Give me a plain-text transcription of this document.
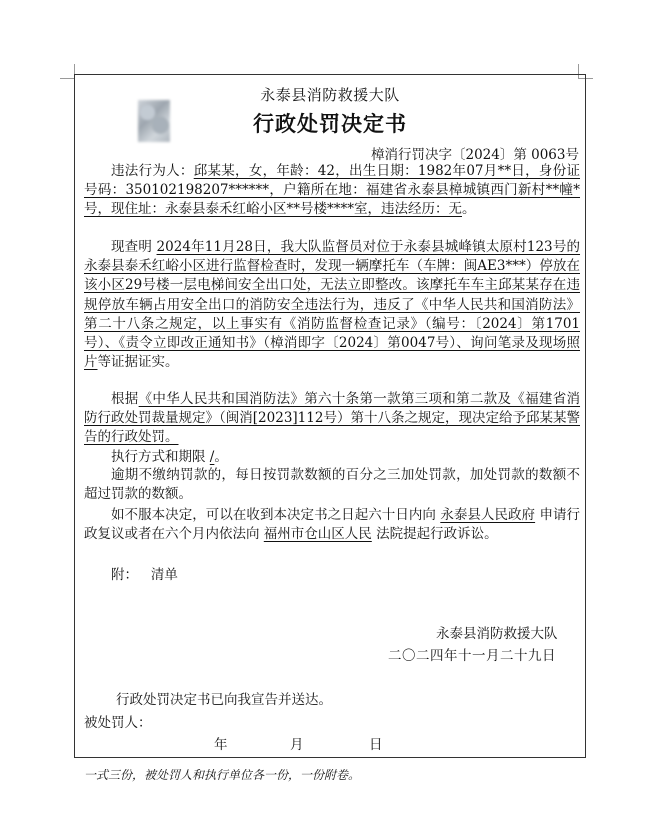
永泰县消防救援大队
行政处罚决定书
樟消行罚决字〔2024〕第 0063号
违法行为人：邱某某，女，年龄：42，出生日期：1982年07月**日，身份证号码：350102198207******，户籍所在地：福建省永泰县樟城镇西门新村**幢*号，现住址：永泰县泰禾红峪小区**号楼****室，违法经历：无。
现查明 2024年11月28日，我大队监督员对位于永泰县城峰镇太原村123号的永泰县泰禾红峪小区进行监督检查时，发现一辆摩托车（车牌：闽AE3***）停放在该小区29号楼一层电梯间安全出口处，无法立即整改。该摩托车车主邱某某存在违规停放车辆占用安全出口的消防安全违法行为，违反了《中华人民共和国消防法》第二十八条之规定，以上事实有《消防监督检查记录》（编号：〔2024〕第1701号）、《责令立即改正通知书》（樟消即字〔2024〕第0047号）、询问笔录及现场照片等证据证实。
根据《中华人民共和国消防法》第六十条第一款第三项和第二款及《福建省消防行政处罚裁量规定》（闽消[2023]112号）第十八条之规定，现决定给予邱某某警告的行政处罚。
执行方式和期限 /。
逾期不缴纳罚款的，每日按罚款数额的百分之三加处罚款，加处罚款的数额不超过罚款的数额。
如不服本决定，可以在收到本决定书之日起六十日内向 永泰县人民政府 申请行政复议或者在六个月内依法向 福州市仓山区人民 法院提起行政诉讼。
附： 清单
永泰县消防救援大队
二〇二四年十一月二十九日
行政处罚决定书已向我宣告并送达。
被处罚人：
年	月	日
一式三份，被处罚人和执行单位各一份，一份附卷。
